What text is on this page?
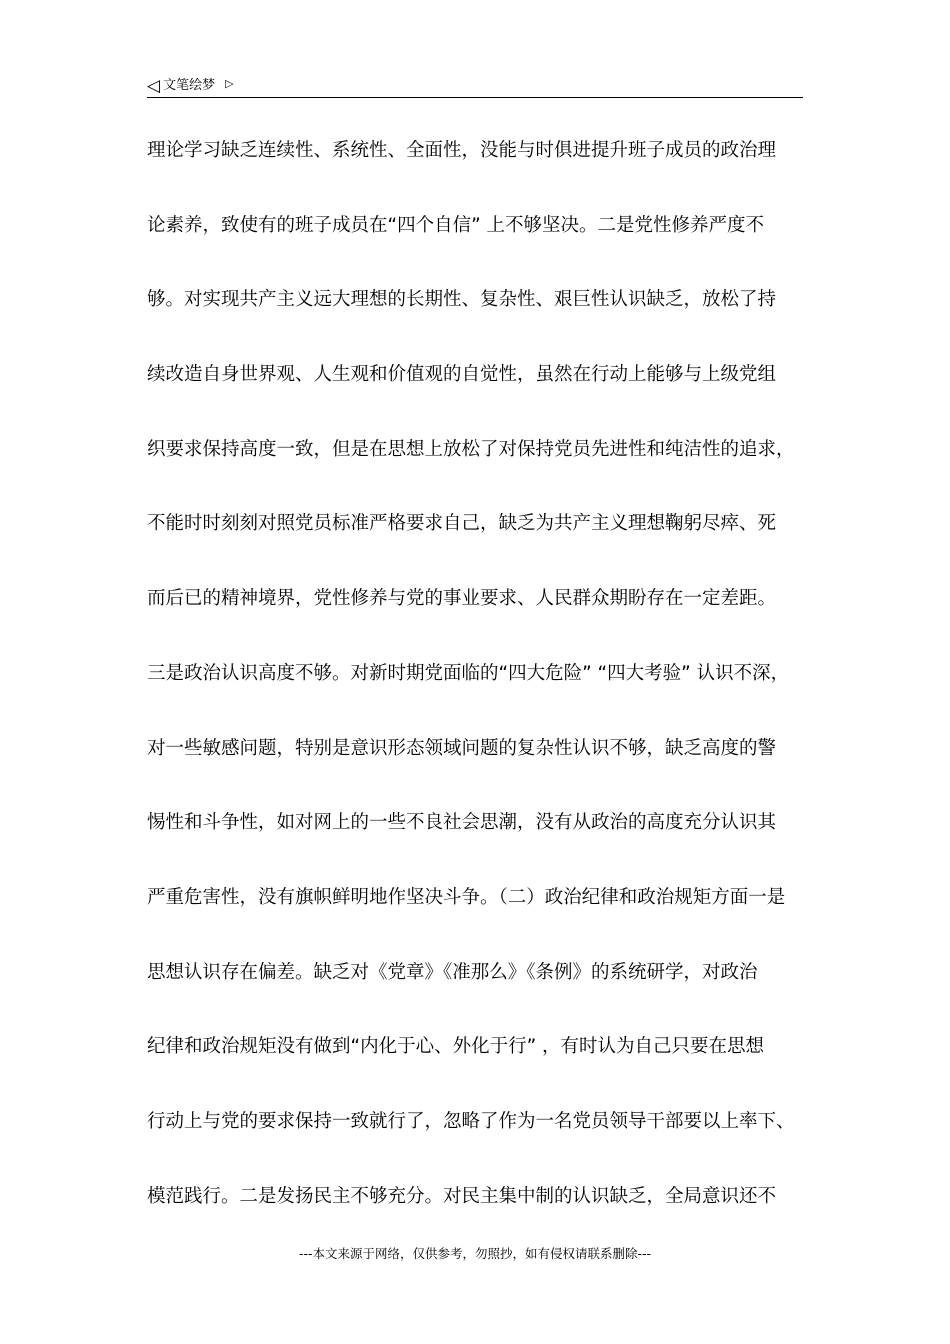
◁ 文笔绘梦 ▷
理论学习缺乏连续性、系统性、全面性，没能与时俱进提升班子成员的政治理
论素养，致使有的班子成员在“四个自信” 上不够坚决。二是党性修养严度不
够。对实现共产主义远大理想的长期性、复杂性、艰巨性认识缺乏，放松了持
续改造自身世界观、人生观和价值观的自觉性，虽然在行动上能够与上级党组
织要求保持高度一致，但是在思想上放松了对保持党员先进性和纯洁性的追求，
不能时时刻刻对照党员标准严格要求自己，缺乏为共产主义理想鞠躬尽瘁、死
而后已的精神境界，党性修养与党的事业要求、人民群众期盼存在一定差距。
三是政治认识高度不够。对新时期党面临的“四大危险” “四大考验” 认识不深，
对一些敏感问题，特别是意识形态领域问题的复杂性认识不够，缺乏高度的警
惕性和斗争性，如对网上的一些不良社会思潮，没有从政治的高度充分认识其
严重危害性，没有旗帜鲜明地作坚决斗争。（二）政治纪律和政治规矩方面一是
思想认识存在偏差。缺乏对《党章》《准那么》《条例》的系统研学，对政治
纪律和政治规矩没有做到“内化于心、外化于行” ，有时认为自己只要在思想
行动上与党的要求保持一致就行了，忽略了作为一名党员领导干部要以上率下、
模范践行。二是发扬民主不够充分。对民主集中制的认识缺乏，全局意识还不
---本文来源于网络，仅供参考，勿照抄，如有侵权请联系删除---
